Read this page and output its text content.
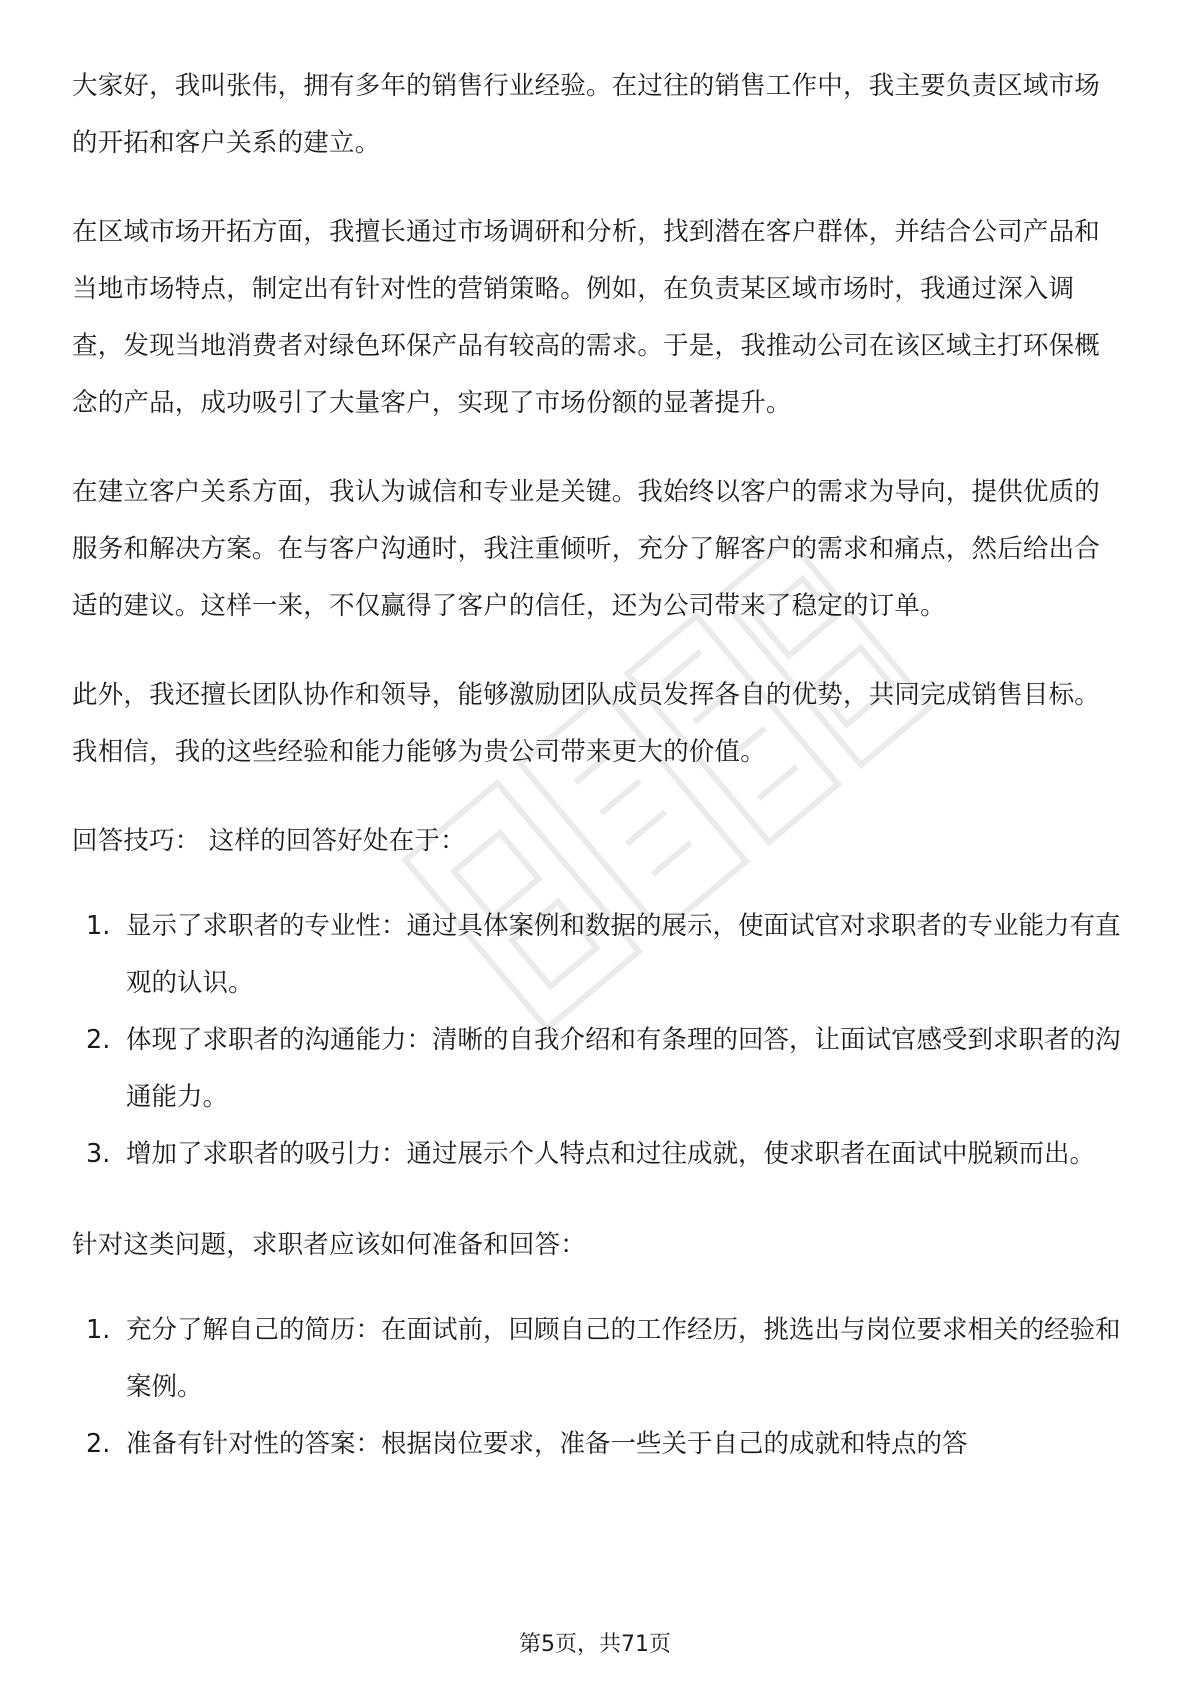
大家好，我叫张伟，拥有多年的销售行业经验。在过往的销售工作中，我主要负责区域市场的开拓和客户关系的建立。

在区域市场开拓方面，我擅长通过市场调研和分析，找到潜在客户群体，并结合公司产品和当地市场特点，制定出有针对性的营销策略。例如，在负责某区域市场时，我通过深入调查，发现当地消费者对绿色环保产品有较高的需求。于是，我推动公司在该区域主打环保概念的产品，成功吸引了大量客户，实现了市场份额的显著提升。

在建立客户关系方面，我认为诚信和专业是关键。我始终以客户的需求为导向，提供优质的服务和解决方案。在与客户沟通时，我注重倾听，充分了解客户的需求和痛点，然后给出合适的建议。这样一来，不仅赢得了客户的信任，还为公司带来了稳定的订单。

此外，我还擅长团队协作和领导，能够激励团队成员发挥各自的优势，共同完成销售目标。我相信，我的这些经验和能力能够为贵公司带来更大的价值。

回答技巧： 这样的回答好处在于：

1. 显示了求职者的专业性：通过具体案例和数据的展示，使面试官对求职者的专业能力有直观的认识。
2. 体现了求职者的沟通能力：清晰的自我介绍和有条理的回答，让面试官感受到求职者的沟通能力。
3. 增加了求职者的吸引力：通过展示个人特点和过往成就，使求职者在面试中脱颖而出。

针对这类问题，求职者应该如何准备和回答：

1. 充分了解自己的简历：在面试前，回顾自己的工作经历，挑选出与岗位要求相关的经验和案例。
2. 准备有针对性的答案：根据岗位要求，准备一些关于自己的成就和特点的答
第5页，共71页
